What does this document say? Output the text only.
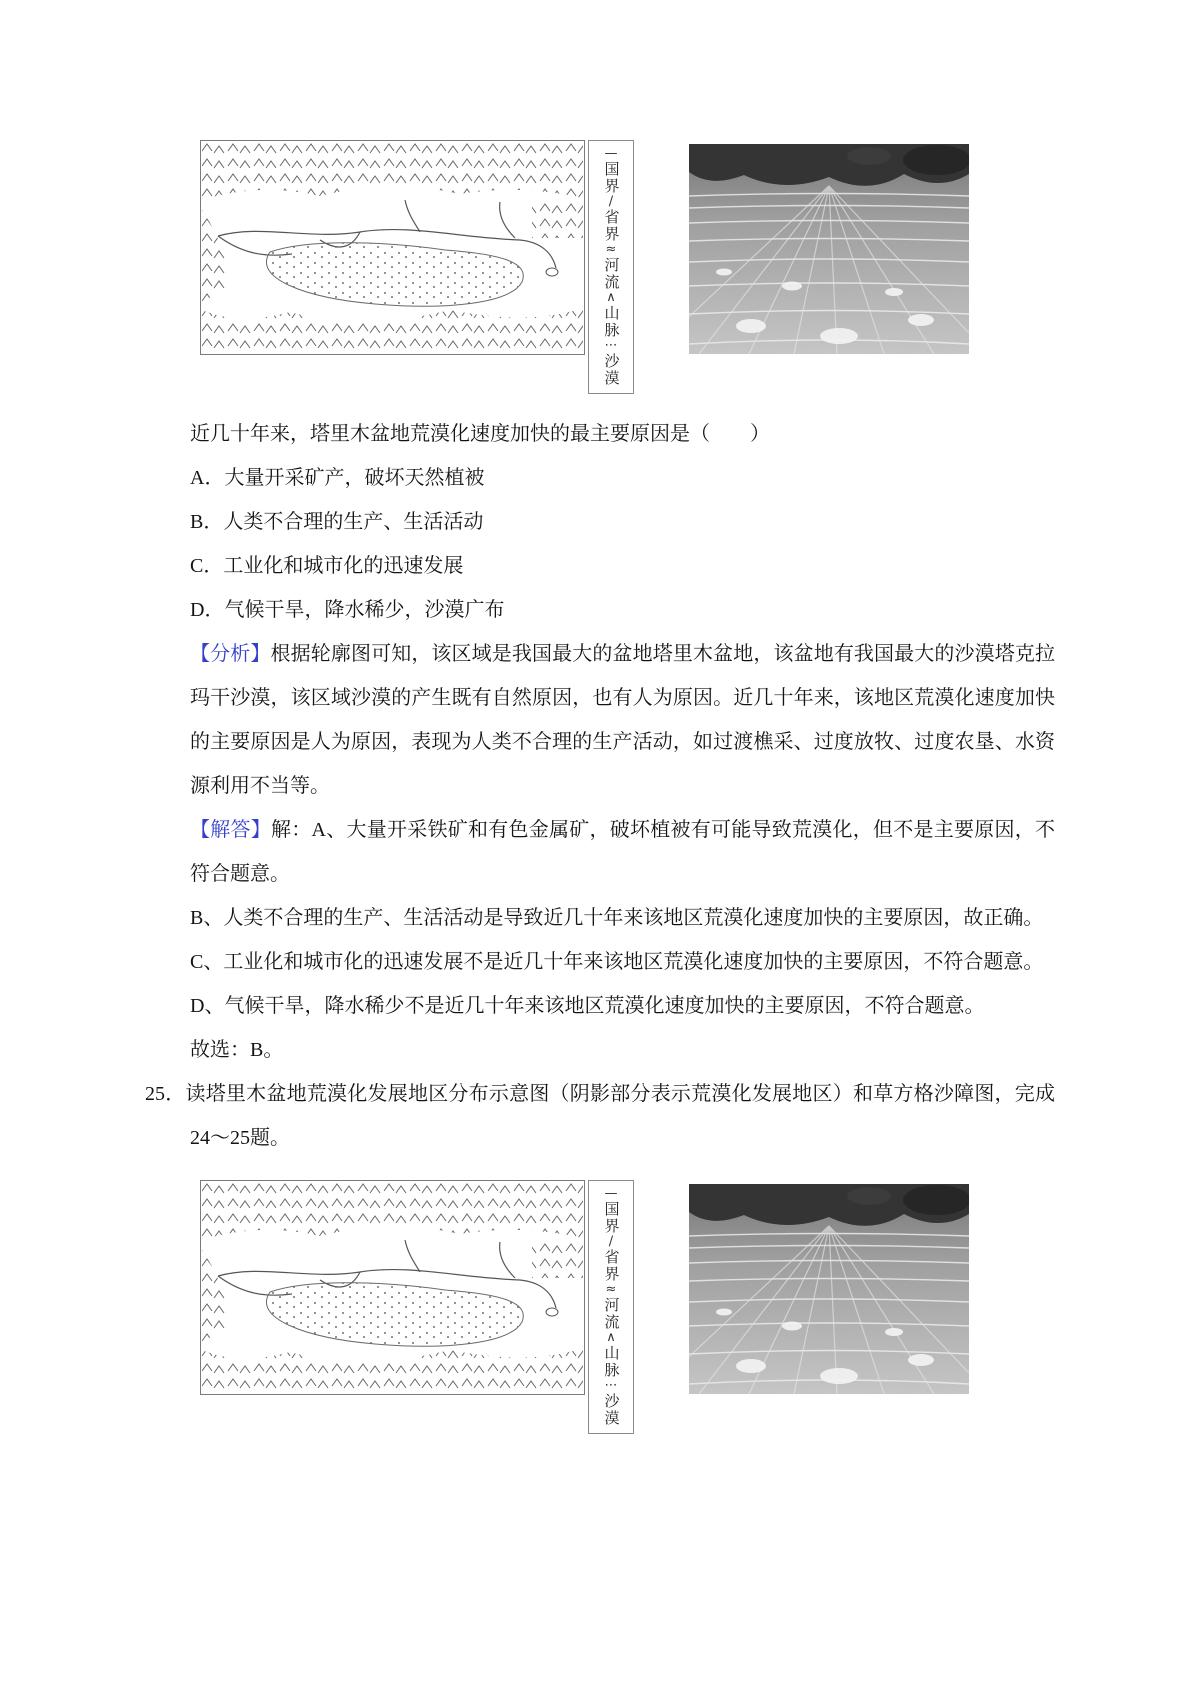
—
国界
∕
省界
≈
河流
∧
山脉
⋯
沙漠

近几十年来，塔里木盆地荒漠化速度加快的最主要原因是（　　）

A．大量开采矿产，破坏天然植被

B．人类不合理的生产、生活活动

C．工业化和城市化的迅速发展

D．气候干旱，降水稀少，沙漠广布

【分析】根据轮廓图可知，该区域是我国最大的盆地塔里木盆地，该盆地有我国最大的沙漠塔克拉玛干沙漠，该区域沙漠的产生既有自然原因，也有人为原因。近几十年来，该地区荒漠化速度加快的主要原因是人为原因，表现为人类不合理的生产活动，如过渡樵采、过度放牧、过度农垦、水资源利用不当等。

【解答】解：A、大量开采铁矿和有色金属矿，破坏植被有可能导致荒漠化，但不是主要原因，不符合题意。

B、人类不合理的生产、生活活动是导致近几十年来该地区荒漠化速度加快的主要原因，故正确。

C、工业化和城市化的迅速发展不是近几十年来该地区荒漠化速度加快的主要原因，不符合题意。

D、气候干旱，降水稀少不是近几十年来该地区荒漠化速度加快的主要原因，不符合题意。

故选：B。

25．读塔里木盆地荒漠化发展地区分布示意图（阴影部分表示荒漠化发展地区）和草方格沙障图，完成24～25题。

—
国界
∕
省界
≈
河流
∧
山脉
⋯
沙漠
